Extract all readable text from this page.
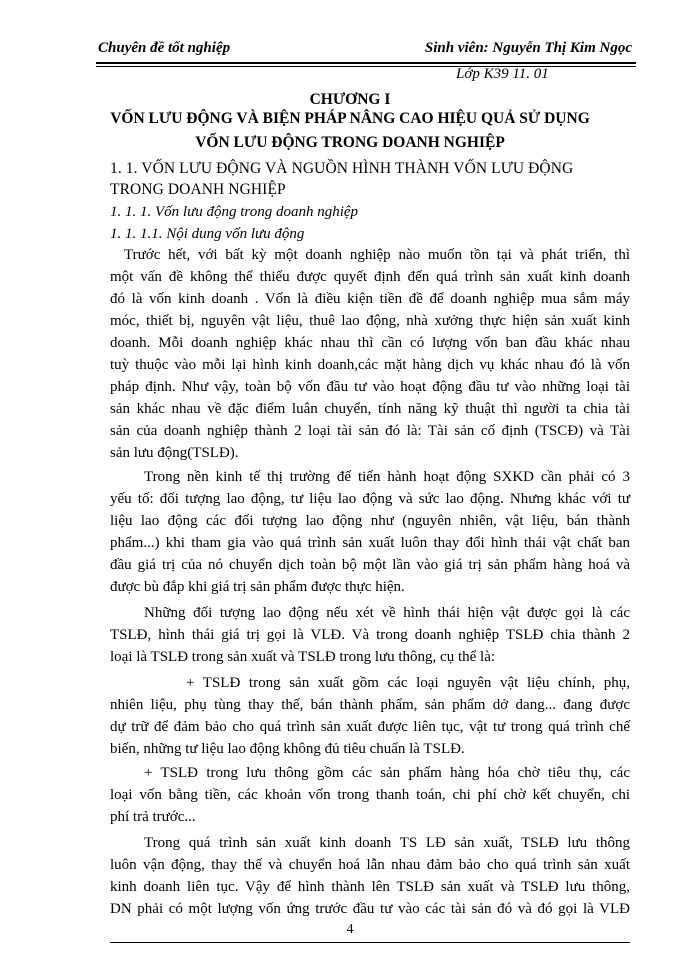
Chuyên đề tốt nghiệp	Sinh viên: Nguyễn Thị Kim Ngọc
Lớp K39 11. 01
CHƯƠNG I
VỐN LƯU ĐỘNG VÀ BIỆN PHÁP NÂNG CAO HIỆU QUẢ SỬ DỤNG
VỐN LƯU ĐỘNG TRONG DOANH NGHIỆP
1. 1. VỐN LƯU ĐỘNG VÀ NGUỒN HÌNH THÀNH VỐN LƯU ĐỘNG
TRONG DOANH NGHIỆP
1. 1. 1. Vốn lưu động trong doanh nghiệp
1. 1. 1.1. Nội dung vốn lưu động
Trước hết, với bất kỳ một doanh nghiệp nào muốn tồn tại và phát triển, thì
một vấn đề không thể thiếu được quyết định đến quá trình sản xuất kinh doanh
đó là vốn kinh doanh . Vốn là điều kiện tiền đề để doanh nghiệp mua sắm máy
móc, thiết bị, nguyên vật liệu, thuê lao động, nhà xưởng thực hiện sản xuất kinh
doanh. Mỗi doanh nghiệp khác nhau thì cần có lượng vốn ban đầu khác nhau
tuỳ thuộc vào mỗi lại hình kinh doanh,các mặt hàng dịch vụ khác nhau đó là vốn
pháp định. Như vậy, toàn bộ vốn đầu tư vào hoạt động đầu tư vào những loại tài
sản khác nhau về đặc điểm luân chuyển, tính năng kỹ thuật thì người ta chia tài
sản của doanh nghiệp thành 2 loại tài sản đó là: Tài sản cố định (TSCĐ) và Tài
sản lưu động(TSLĐ).
Trong nền kinh tế thị trường để tiến hành hoạt động SXKD cần phải có 3
yếu tố: đối tượng lao động, tư liệu lao động và sức lao động. Nhưng khác với tư
liệu lao động các đối tượng lao động như (nguyên nhiên, vật liệu, bán thành
phẩm...) khi tham gia vào quá trình sản xuất luôn thay đổi hình thái vật chất ban
đầu giá trị của nó chuyển dịch toàn bộ một lần vào giá trị sản phẩm hàng hoá và
được bù đắp khi giá trị sản phẩm được thực hiện.
Những đối tượng lao động nếu xét về hình thái hiện vật được gọi là các
TSLĐ, hình thái giá trị gọi là VLĐ. Và trong doanh nghiệp TSLĐ chia thành 2
loại là TSLĐ trong sản xuất và TSLĐ trong lưu thông, cụ thể là:
+ TSLĐ trong sản xuất gồm các loại nguyên vật liệu chính, phụ,
nhiên liệu, phụ tùng thay thế, bán thành phẩm, sản phẩm dở dang... đang được
dự trữ để đảm bảo cho quá trình sản xuất được liên tục, vật tư trong quá trình chế
biến, những tư liệu lao động không đủ tiêu chuẩn là TSLĐ.
+ TSLĐ trong lưu thông gồm các sản phẩm hàng hóa chờ tiêu thụ, các
loại vốn bằng tiền, các khoản vốn trong thanh toán, chi phí chờ kết chuyển, chi
phí trả trước...
Trong quá trình sản xuất kinh doanh TS LĐ sản xuất, TSLĐ lưu thông
luôn vận động, thay thế và chuyển hoá lẫn nhau đảm bảo cho quá trình sản xuất
kinh doanh liên tục. Vậy để hình thành lên TSLĐ sản xuất và TSLĐ lưu thông,
DN phải có một lượng vốn ứng trước đầu tư vào các tài sản đó và đó gọi là VLĐ
4
